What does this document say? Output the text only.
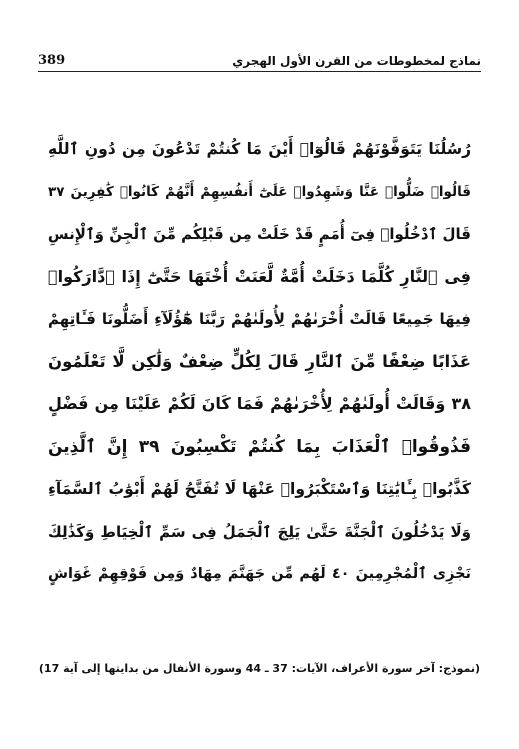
389	نماذج لمخطوطات من القرن الأول الهجري
رُسُلُنَا يَتَوَفَّوْنَهُمْ قَالُوٓا۟ أَيْنَ مَا كُنتُمْ تَدْعُونَ مِن دُونِ ٱللَّهِ
قَالُوا۟ ضَلُّوا۟ عَنَّا وَشَهِدُوا۟ عَلَىٰٓ أَنفُسِهِمْ أَنَّهُمْ كَانُوا۟ كَٰفِرِينَ ٣٧
قَالَ ٱدْخُلُوا۟ فِىٓ أُمَمٍ قَدْ خَلَتْ مِن قَبْلِكُم مِّنَ ٱلْجِنِّ وَٱلْإِنسِ
فِى ٱلنَّارِ كُلَّمَا دَخَلَتْ أُمَّةٌ لَّعَنَتْ أُخْتَهَا حَتَّىٰٓ إِذَا ٱدَّارَكُوا۟
فِيهَا جَمِيعًا قَالَتْ أُخْرَىٰهُمْ لِأُولَىٰهُمْ رَبَّنَا هَٰٓؤُلَآءِ أَضَلُّونَا فَـَٔاتِهِمْ
عَذَابًا ضِعْفًا مِّنَ ٱلنَّارِ قَالَ لِكُلٍّ ضِعْفٌ وَلَٰكِن لَّا تَعْلَمُونَ
٣٨ وَقَالَتْ أُولَىٰهُمْ لِأُخْرَىٰهُمْ فَمَا كَانَ لَكُمْ عَلَيْنَا مِن فَضْلٍ
فَذُوقُوا۟ ٱلْعَذَابَ بِمَا كُنتُمْ تَكْسِبُونَ ٣٩ إِنَّ ٱلَّذِينَ
كَذَّبُوا۟ بِـَٔايَٰتِنَا وَٱسْتَكْبَرُوا۟ عَنْهَا لَا تُفَتَّحُ لَهُمْ أَبْوَٰبُ ٱلسَّمَآءِ
وَلَا يَدْخُلُونَ ٱلْجَنَّةَ حَتَّىٰ يَلِجَ ٱلْجَمَلُ فِى سَمِّ ٱلْخِيَاطِ وَكَذَٰلِكَ
نَجْزِى ٱلْمُجْرِمِينَ ٤٠ لَهُم مِّن جَهَنَّمَ مِهَادٌ وَمِن فَوْقِهِمْ غَوَاشٍ
(نموذج: آخر سورة الأعراف، الآيات: 37 ـ 44 وسورة الأنفال من بدايتها إلى آية 17)
